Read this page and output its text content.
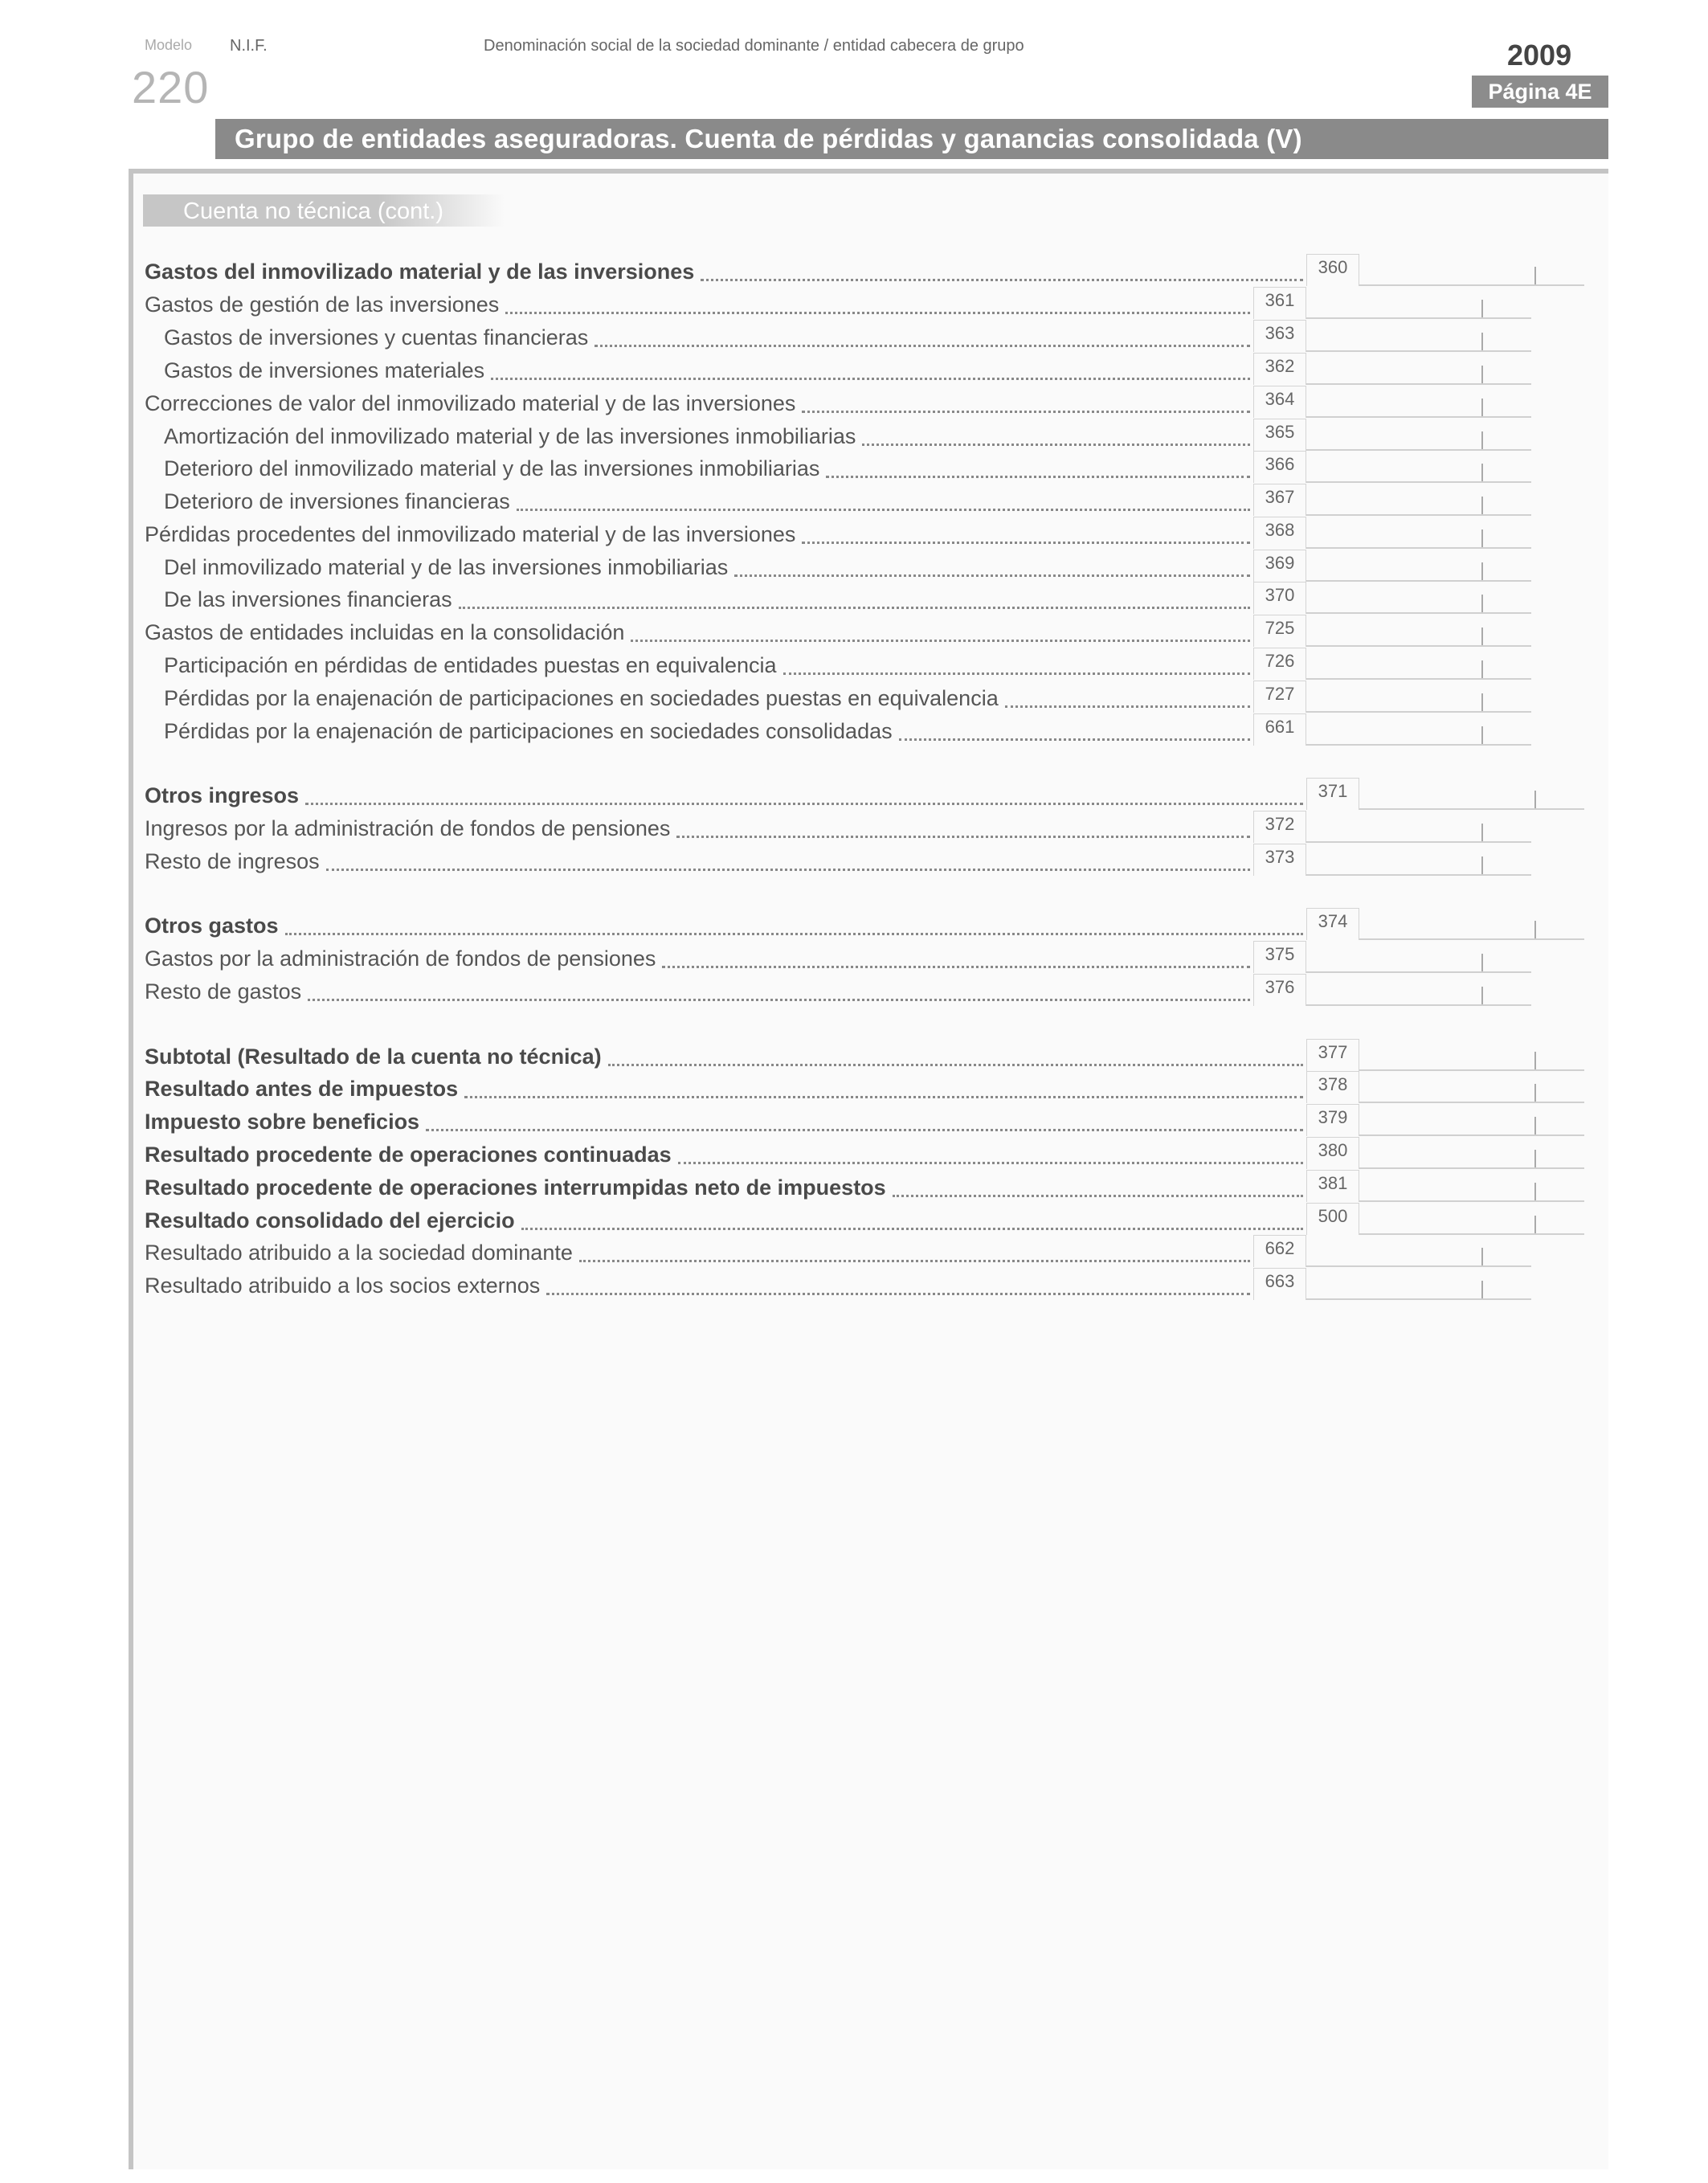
Modelo N.I.F.	Denominación social de la sociedad dominante / entidad cabecera de grupo
220
2009
Página 4E
Grupo de entidades aseguradoras. Cuenta de pérdidas y ganancias consolidada (V)
Cuenta no técnica (cont.)
Gastos del inmovilizado material y de las inversiones	360
Gastos de gestión de las inversiones	361
Gastos de inversiones y cuentas financieras	363
Gastos de inversiones materiales	362
Correcciones de valor del inmovilizado material y de las inversiones	364
Amortización del inmovilizado material y de las inversiones inmobiliarias	365
Deterioro del inmovilizado material y de las inversiones inmobiliarias	366
Deterioro de inversiones financieras	367
Pérdidas procedentes del inmovilizado material y de las inversiones	368
Del inmovilizado material y de las inversiones inmobiliarias	369
De las inversiones financieras	370
Gastos de entidades incluidas en la consolidación	725
Participación en pérdidas de entidades puestas en equivalencia	726
Pérdidas por la enajenación de participaciones en sociedades puestas en equivalencia	727
Pérdidas por la enajenación de participaciones en sociedades consolidadas	661
Otros ingresos	371
Ingresos por la administración de fondos de pensiones	372
Resto de ingresos	373
Otros gastos	374
Gastos por la administración de fondos de pensiones	375
Resto de gastos	376
Subtotal (Resultado de la cuenta no técnica)	377
Resultado antes de impuestos	378
Impuesto sobre beneficios	379
Resultado procedente de operaciones continuadas	380
Resultado procedente de operaciones interrumpidas neto de impuestos	381
Resultado consolidado del ejercicio	500
Resultado atribuido a la sociedad dominante	662
Resultado atribuido a los socios externos	663
